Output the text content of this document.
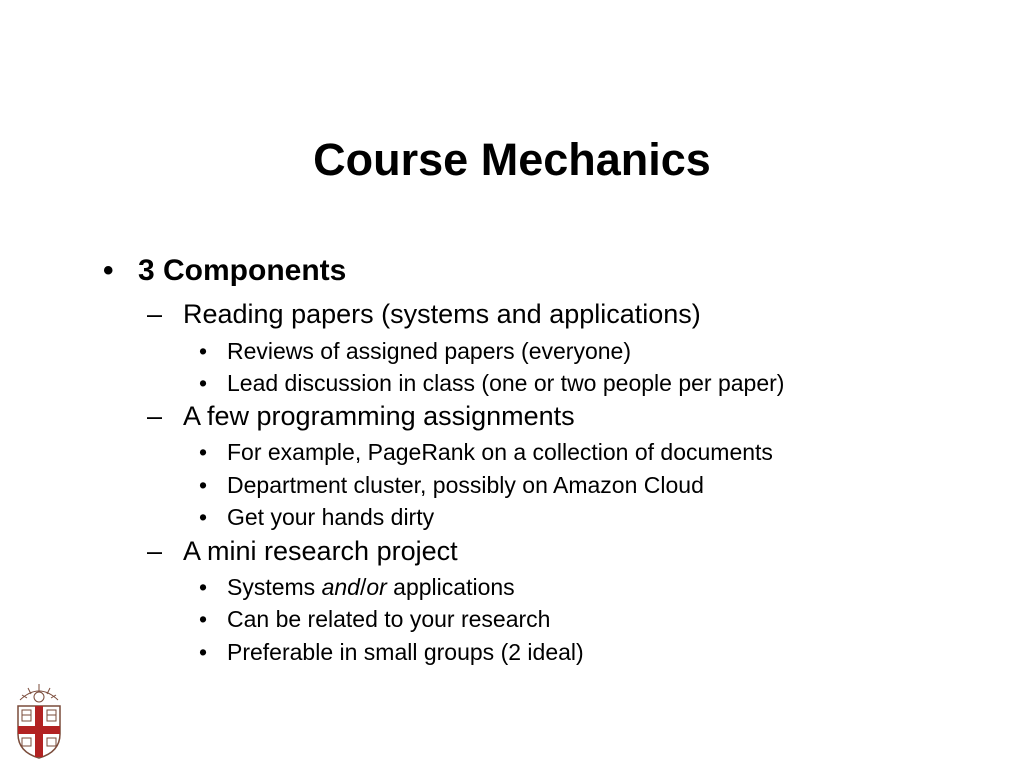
Course Mechanics
• 3 Components
– Reading papers (systems and applications)
• Reviews of assigned papers (everyone)
• Lead discussion in class (one or two people per paper)
– A few programming assignments
• For example, PageRank on a collection of documents
• Department cluster, possibly on Amazon Cloud
• Get your hands dirty
– A mini research project
• Systems and/or applications
• Can be related to your research
• Preferable in small groups (2 ideal)
